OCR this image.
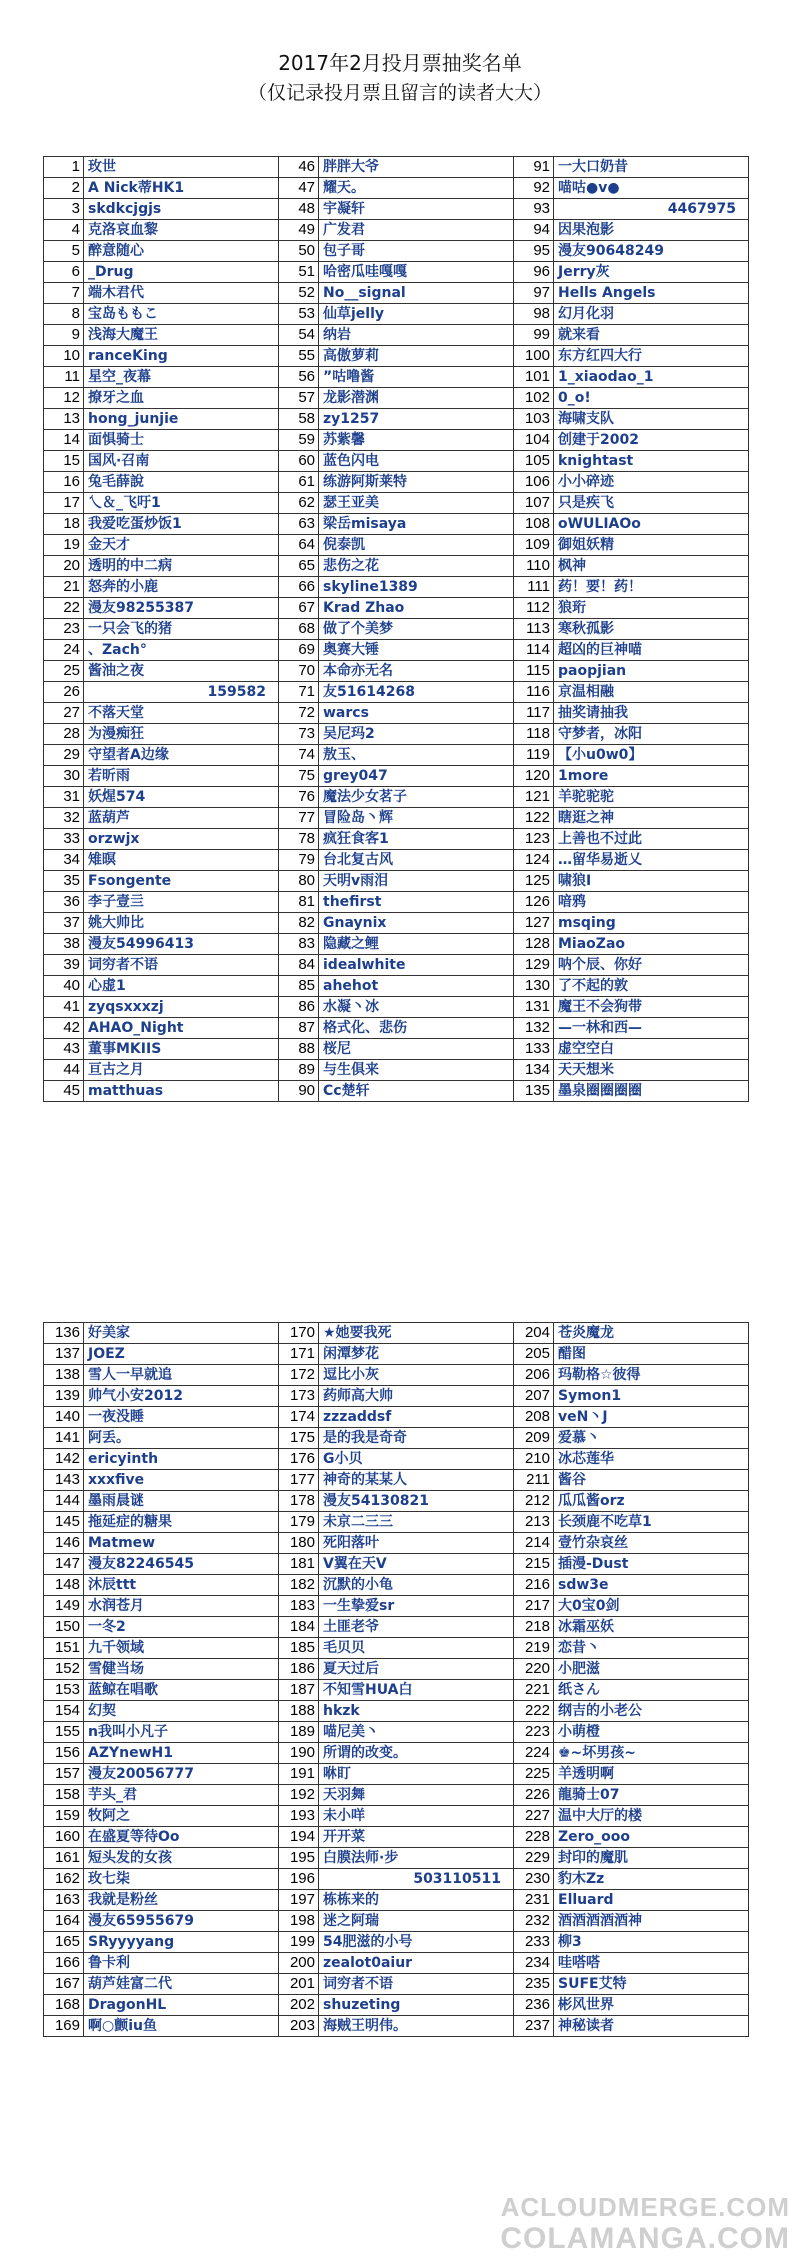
2017年2月投月票抽奖名单
（仅记录投月票且留言的读者大大）
1	玫世	46	胖胖大爷	91	一大口奶昔
2	A Nick蒂HK1	47	耀天。	92	喵咕●v●
3	skdkcjgjs	48	宇凝轩	93	4467975
4	克洛哀血黎	49	广发君	94	因果泡影
5	醉意随心	50	包子哥	95	漫友90648249
6	_Drug	51	哈密瓜哇嘎嘎	96	Jerry灰
7	端木君代	52	No__signal	97	Hells Angels
8	宝岛ももこ	53	仙草jelly	98	幻月化羽
9	浅海大魔王	54	纳岩	99	就来看
10	ranceKing	55	高傲萝莉	100	东方红四大行
11	星空_夜幕	56	”咕噜酱	101	1_xiaodao_1
12	撩牙之血	57	龙影潜渊	102	0_o!
13	hong_junjie	58	zy1257	103	海啸支队
14	面惧骑士	59	苏紫馨	104	创建于2002
15	国风·召南	60	蓝色闪电	105	knightast
16	兔毛薛說	61	练游阿斯莱特	106	小小碎迹
17	乀＆_飞吁1	62	瑟王亚美	107	只是疾飞
18	我爱吃蛋炒饭1	63	梁岳misaya	108	oWULIAOo
19	金天才	64	倪泰凯	109	御姐妖精
20	透明的中二病	65	悲伤之花	110	枫神
21	怒奔的小鹿	66	skyline1389	111	药！要！药！
22	漫友98255387	67	Krad Zhao	112	狼珩
23	一只会飞的猪	68	做了个美梦	113	寒秋孤影
24	、Zach°	69	奥赛大锤	114	超凶的巨神喵
25	酱油之夜	70	本命亦无名	115	paopjian
26	159582	71	友51614268	116	京温相融
27	不落天堂	72	warcs	117	抽奖请抽我
28	为漫痴狂	73	吴尼玛2	118	守梦者，冰阳
29	守望者A边缘	74	敖玉、	119	【小u0w0】
30	若昕雨	75	grey047	120	1more
31	妖煋574	76	魔法少女茗子	121	羊驼驼驼
32	蓝葫芦	77	冒险岛丶辉	122	瞎逛之神
33	orzwjx	78	疯狂食客1	123	上善也不过此
34	雉暝	79	台北复古风	124	…留华易逝乂
35	Fsongente	80	天明v雨泪	125	啸狼I
36	李子壹亖	81	thefirst	126	喑鸦
37	姚大帅比	82	Gnaynix	127	msqing
38	漫友54996413	83	隐藏之鲤	128	MiaoZao
39	词穷者不语	84	idealwhite	129	呐个辰、你好
40	心虚1	85	ahehot	130	了不起的敦
41	zyqsxxxzj	86	水凝丶冰	131	魔王不会狗带
42	AHAO_Night	87	格式化、悲伤	132	—一林和西—
43	董事MKIIS	88	桜尼	133	虚空空白
44	亘古之月	89	与生俱来	134	天天想米
45	matthuas	90	Cc楚轩	135	墨泉圈圈圈圈
136	好美家	170	★她要我死	204	苍炎魔龙
137	JOEZ	171	闲潭梦花	205	醋图
138	雪人一早就追	172	逗比小灰	206	玛勒格☆彼得
139	帅气小安2012	173	药师高大帅	207	Symon1
140	一夜没睡	174	zzzaddsf	208	veN丶J
141	阿丢。	175	是的我是奇奇	209	爱慕丶
142	ericyinth	176	G小贝	210	冰芯莲华
143	xxxfive	177	神奇的某某人	211	酱谷
144	墨雨晨谜	178	漫友54130821	212	瓜瓜酱orz
145	拖延症的糖果	179	未京二三三	213	长颈鹿不吃草1
146	Matmew	180	死阳落叶	214	壹竹杂哀丝
147	漫友82246545	181	V翼在天V	215	插漫-Dust
148	沐辰ttt	182	沉默的小龟	216	sdw3e
149	水润苍月	183	一生挚爱sr	217	大0宝0剑
150	一冬2	184	土匪老爷	218	冰霜巫妖
151	九千领域	185	毛贝贝	219	恋昔丶
152	雪健当场	186	夏天过后	220	小肥滋
153	蓝鲸在唱歌	187	不知雪HUA白	221	纸さん
154	幻契	188	hkzk	222	纲吉的小老公
155	n我叫小凡子	189	喵尼美丶	223	小萌橙
156	AZYnewH1	190	所谓的改变。	224	♚~坏男孩~
157	漫友20056777	191	咻盯	225	羊透明啊
158	芋头_君	192	天羽舞	226	龍骑士07
159	牧阿之	193	未小咩	227	温中大厅的楼
160	在盛夏等待Oo	194	开开菜	228	Zero_ooo
161	短头发的女孩	195	白膜法师·步	229	封印的魔肌
162	玫七柒	196	503110511	230	豹木Zz
163	我就是粉丝	197	栋栋来的	231	Elluard
164	漫友65955679	198	迷之阿瑞	232	酒酒酒酒酒神
165	SRyyyyang	199	54肥滋的小号	233	柳3
166	鲁卡利	200	zealot0aiur	234	哇嗒嗒
167	葫芦娃富二代	201	词穷者不语	235	SUFE艾特
168	DragonHL	202	shuzeting	236	彬风世界
169	啊○颤iu鱼	203	海贼王明伟。	237	神秘读者
ACLOUDMERGE.COM
COLAMANGA.COM
